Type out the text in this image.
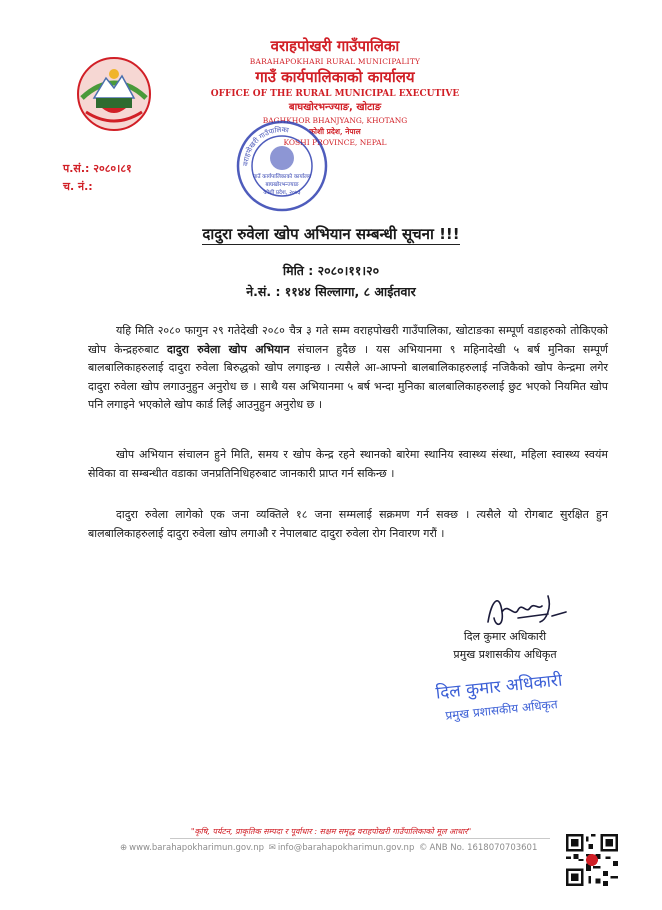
वराहपोखरी गाउँपालिका
BARAHAPOKHARI RURAL MUNICIPALITY
गाउँ कार्यपालिकाको कार्यालय
OFFICE OF THE RURAL MUNICIPAL EXECUTIVE
बाघखोरभन्ज्याङ, खोटाङ
BAGHKHOR BHANJYANG, KHOTANG
कोशी प्रदेश, नेपाल
KOSHI PROVINCE, NEPAL
प.सं.: २०८०।८१
च. नं.:
वराहपोखरी गाउँपालिका
गाउँ कार्यपालिकाको कार्यालय
बाघखोरभन्ज्याङ
कोशी प्रदेश, २०७३
दादुरा रुवेला खोप अभियान सम्बन्धी सूचना !!!
मिति : २०८०।११।२०
ने.सं. : ११४४ सिल्लागा, ८ आईतवार
यहि मिति २०८० फागुन २९ गतेदेखी २०८० चैत्र ३ गते सम्म वराहपोखरी गाउँपालिका, खोटाङका सम्पूर्ण वडाहरुको तोकिएको खोप केन्द्रहरुबाट दादुरा रुवेला खोप अभियान संचालन हुदैछ । यस अभियानमा ९ महिनादेखी ५ बर्ष मुनिका सम्पूर्ण बालबालिकाहरुलाई दादुरा रुवेला बिरुद्धको खोप लगाइन्छ । त्यसैले आ-आफ्नो बालबालिकाहरुलाई नजिकैको खोप केन्द्रमा लगेर दादुरा रुवेला खोप लगाउनुहुन अनुरोध छ । साथै यस अभियानमा ५ बर्ष भन्दा मुनिका बालबालिकाहरुलाई छुट भएको नियमित खोप पनि लगाइने भएकोले खोप कार्ड लिई आउनुहुन अनुरोध छ ।
खोप अभियान संचालन हुने मिति, समय र खोप केन्द्र रहने स्थानको बारेमा स्थानिय स्वास्थ्य संस्था, महिला स्वास्थ्य स्वयंम सेविका वा सम्बन्धीत वडाका जनप्रतिनिधिहरुबाट जानकारी प्राप्त गर्न सकिन्छ ।
दादुरा रुवेला लागेको एक जना व्यक्तिले १८ जना सम्मलाई सक्रमण गर्न सक्छ । त्यसैले यो रोगबाट सुरक्षित हुन बालबालिकाहरुलाई दादुरा रुवेला खोप लगाऔ र नेपालबाट दादुरा रुवेला रोग निवारण गरौं ।
दिल कुमार अधिकारी
प्रमुख प्रशासकीय अधिकृत
दिल कुमार अधिकारी
प्रमुख प्रशासकीय अधिकृत
"कृषि, पर्यटन, प्राकृतिक सम्पदा र पूर्वाधार : सक्षम समृद्ध वराहपोखरी गाउँपालिकाको मूल आधार"
⊕ www.barahapokharimun.gov.np ✉ info@barahapokharimun.gov.np © ANB No. 1618070703601
